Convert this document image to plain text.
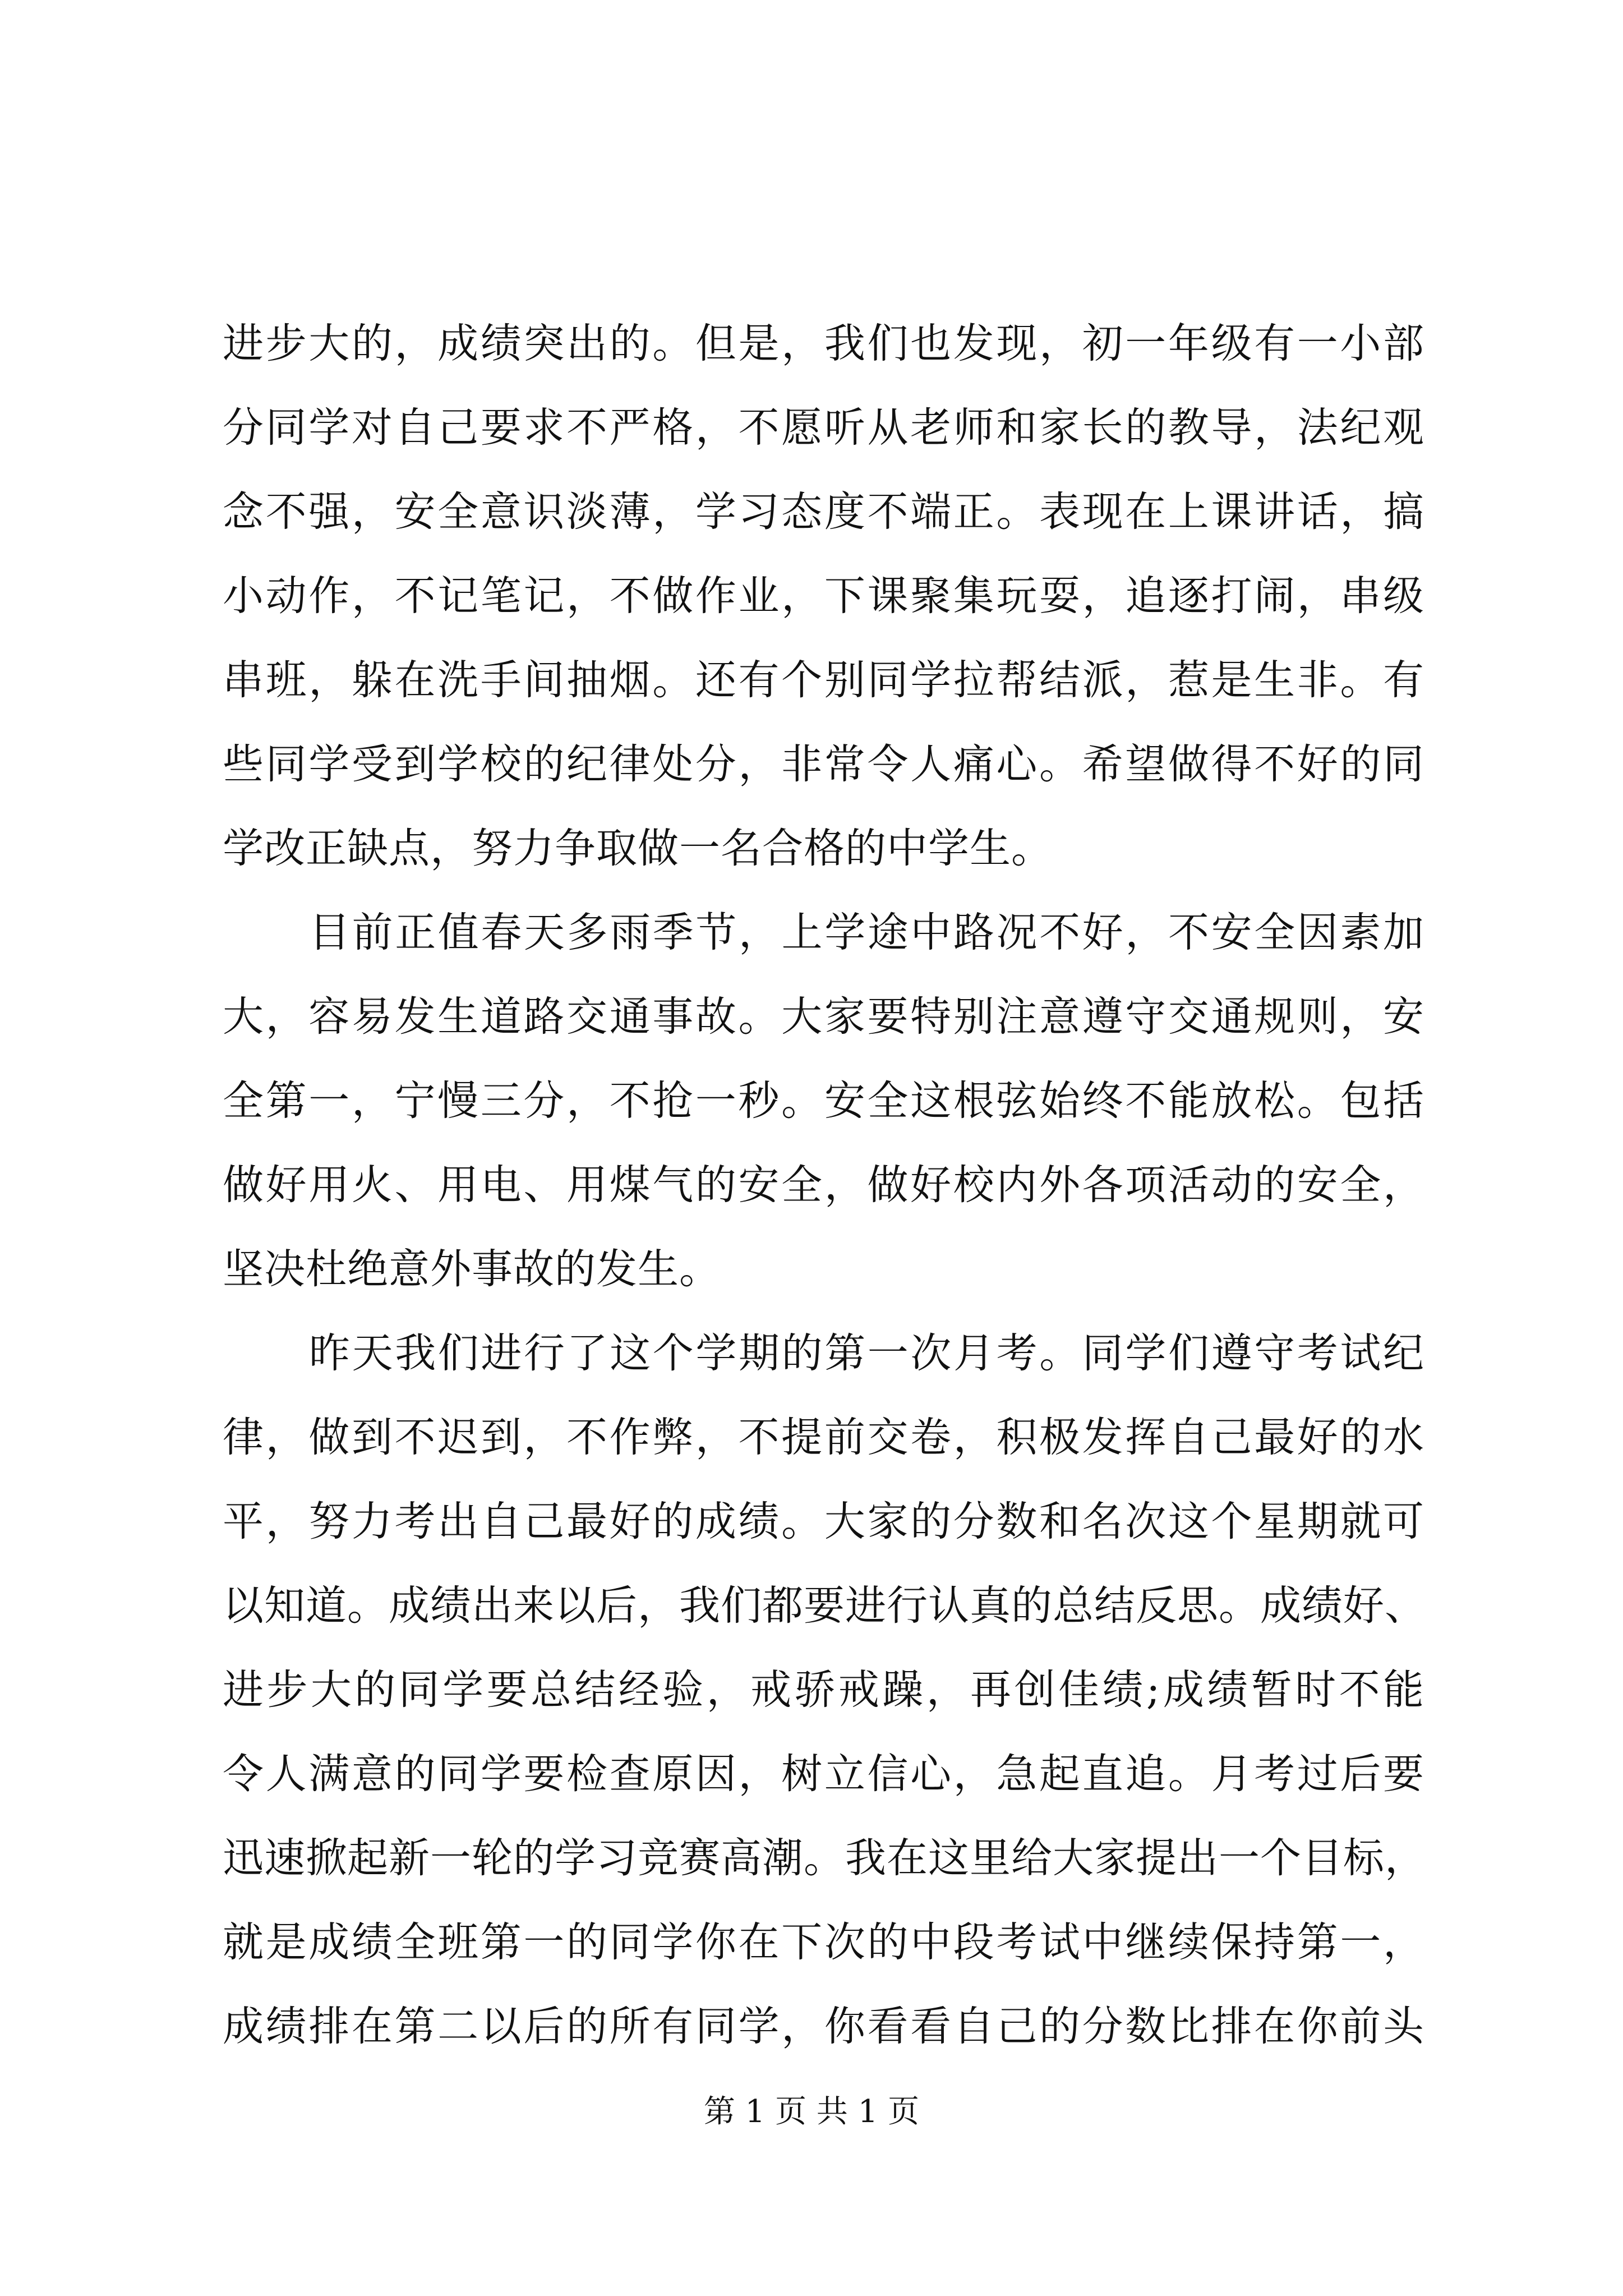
进步大的，成绩突出的。但是，我们也发现，初一年级有一小部
分同学对自己要求不严格，不愿听从老师和家长的教导，法纪观
念不强，安全意识淡薄，学习态度不端正。表现在上课讲话，搞
小动作，不记笔记，不做作业，下课聚集玩耍，追逐打闹，串级
串班，躲在洗手间抽烟。还有个别同学拉帮结派，惹是生非。有
些同学受到学校的纪律处分，非常令人痛心。希望做得不好的同
学改正缺点，努力争取做一名合格的中学生。
目前正值春天多雨季节，上学途中路况不好，不安全因素加
大，容易发生道路交通事故。大家要特别注意遵守交通规则，安
全第一，宁慢三分，不抢一秒。安全这根弦始终不能放松。包括
做好用火、用电、用煤气的安全，做好校内外各项活动的安全，
坚决杜绝意外事故的发生。
昨天我们进行了这个学期的第一次月考。同学们遵守考试纪
律，做到不迟到，不作弊，不提前交卷，积极发挥自己最好的水
平，努力考出自己最好的成绩。大家的分数和名次这个星期就可
以知道。成绩出来以后，我们都要进行认真的总结反思。成绩好、
进步大的同学要总结经验，戒骄戒躁，再创佳绩;成绩暂时不能
令人满意的同学要检查原因，树立信心，急起直追。月考过后要
迅速掀起新一轮的学习竞赛高潮。我在这里给大家提出一个目标，
就是成绩全班第一的同学你在下次的中段考试中继续保持第一，
成绩排在第二以后的所有同学，你看看自己的分数比排在你前头
第 1 页 共 1 页
